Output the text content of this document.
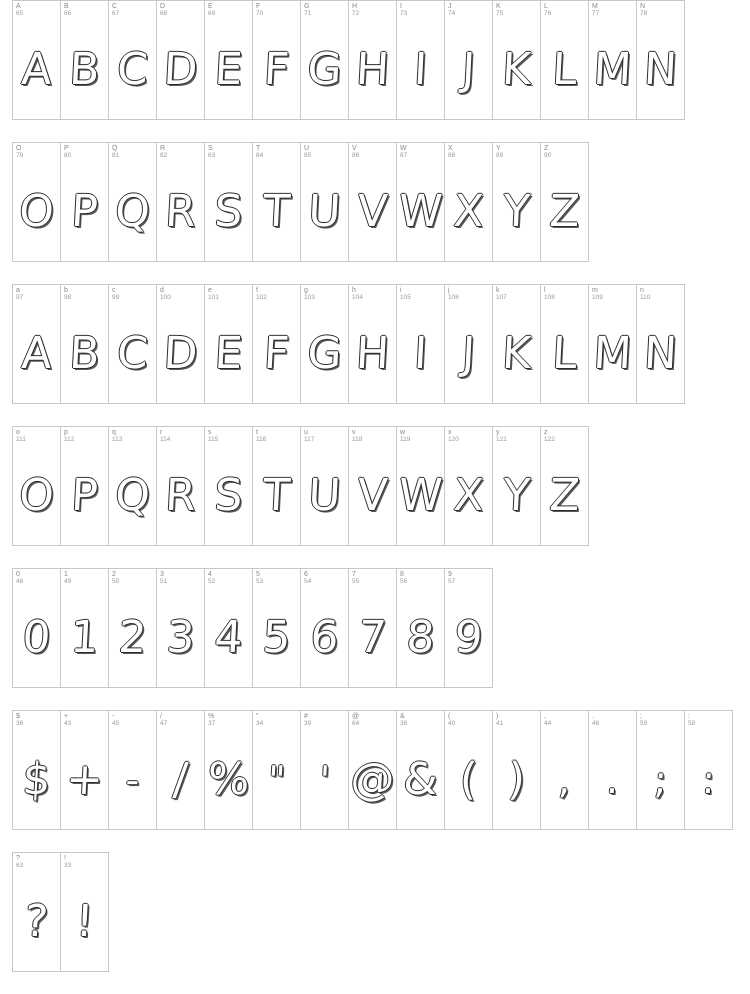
A
65
A
B
66
B
C
67
C
D
68
D
E
69
E
F
70
F
G
71
G
H
72
H
I
73
I
J
74
J
K
75
K
L
76
L
M
77
M
N
78
N
O
79
O
P
80
P
Q
81
Q
R
82
R
S
83
S
T
84
T
U
85
U
V
86
V
W
87
W
X
88
X
Y
89
Y
Z
90
Z
a
97
A
b
98
B
c
99
C
d
100
D
e
101
E
f
102
F
g
103
G
h
104
H
i
105
I
j
106
J
k
107
K
l
108
L
m
109
M
n
110
N
o
111
O
p
112
P
q
113
Q
r
114
R
s
115
S
t
116
T
u
117
U
v
118
V
w
119
W
x
120
X
y
121
Y
z
122
Z
0
48
0
1
49
1
2
50
2
3
51
3
4
52
4
5
53
5
6
54
6
7
55
7
8
56
8
9
57
9
$
36
$
+
43
+
-
45
-
/
47
/
%
37
%
"
34
"
#
39
'
@
64
@
&
38
&
(
40
(
)
41
)
,
44
,
.
46
.
;
59
;
:
58
:
?
63
?
!
33
!
